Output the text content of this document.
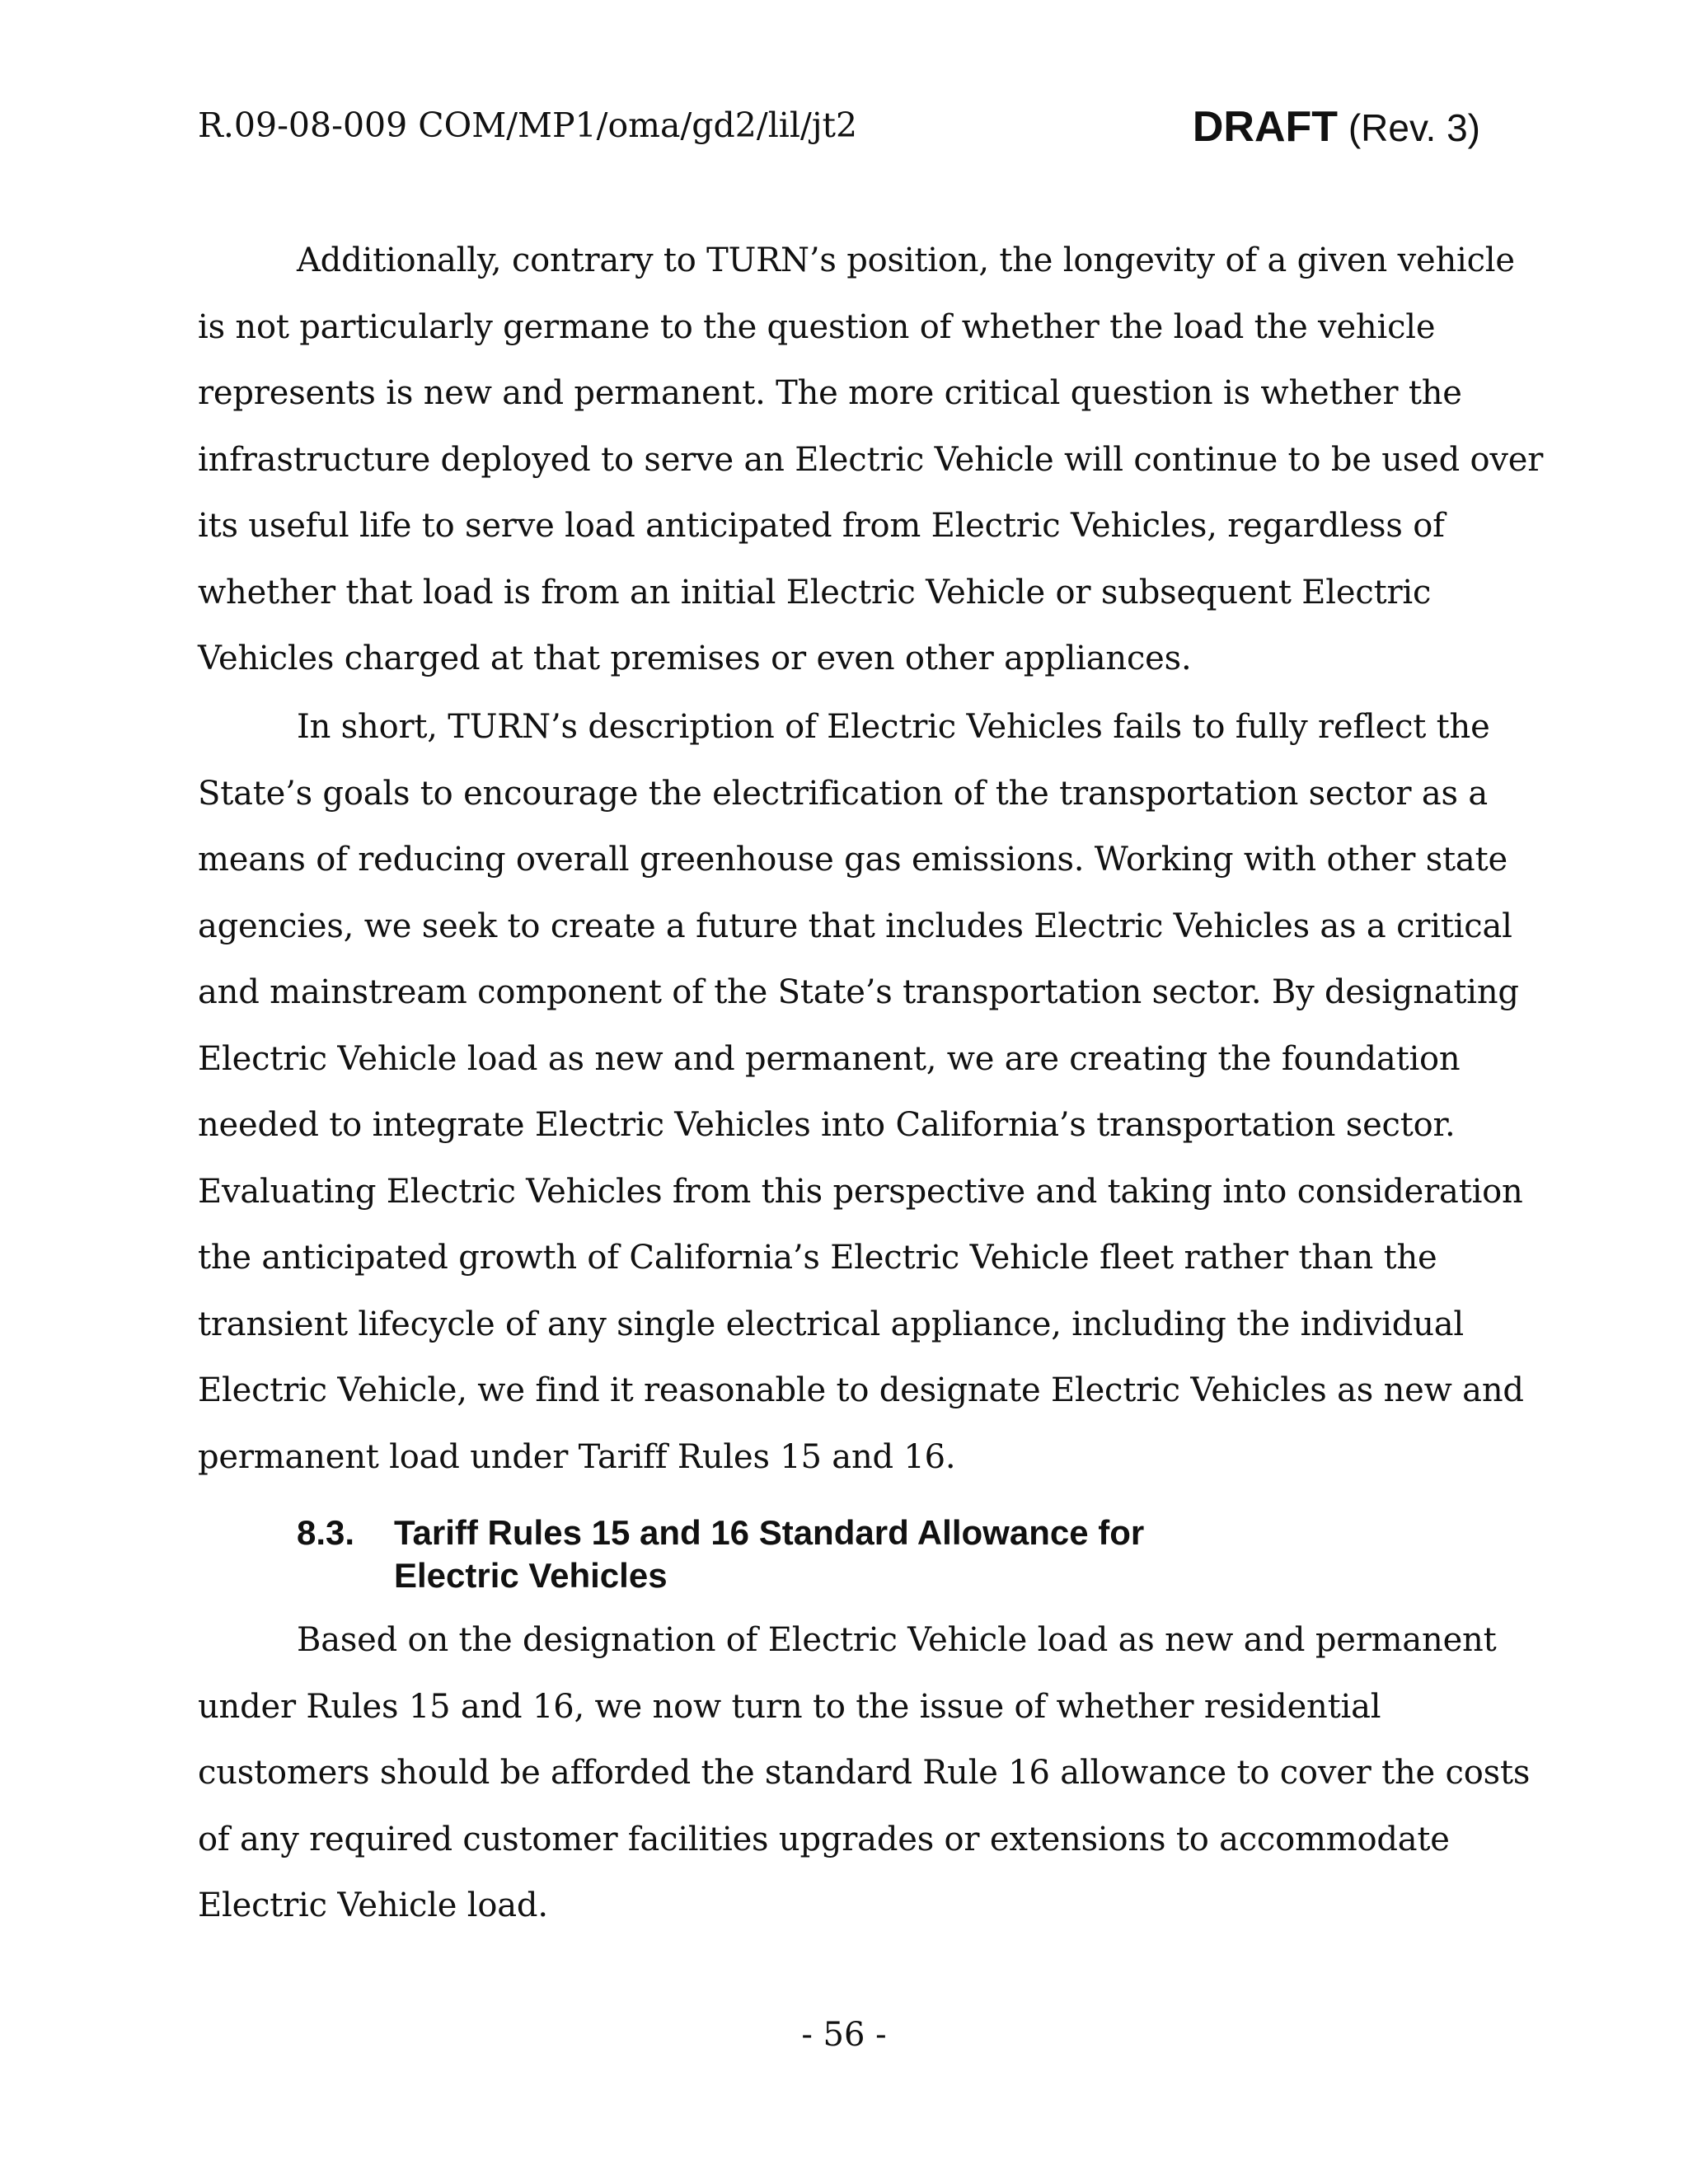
R.09-08-009 COM/MP1/oma/gd2/lil/jt2	DRAFT (Rev. 3)
Additionally, contrary to TURN’s position, the longevity of a given vehicle
is not particularly germane to the question of whether the load the vehicle
represents is new and permanent. The more critical question is whether the
infrastructure deployed to serve an Electric Vehicle will continue to be used over
its useful life to serve load anticipated from Electric Vehicles, regardless of
whether that load is from an initial Electric Vehicle or subsequent Electric
Vehicles charged at that premises or even other appliances.
In short, TURN’s description of Electric Vehicles fails to fully reflect the
State’s goals to encourage the electrification of the transportation sector as a
means of reducing overall greenhouse gas emissions. Working with other state
agencies, we seek to create a future that includes Electric Vehicles as a critical
and mainstream component of the State’s transportation sector. By designating
Electric Vehicle load as new and permanent, we are creating the foundation
needed to integrate Electric Vehicles into California’s transportation sector.
Evaluating Electric Vehicles from this perspective and taking into consideration
the anticipated growth of California’s Electric Vehicle fleet rather than the
transient lifecycle of any single electrical appliance, including the individual
Electric Vehicle, we find it reasonable to designate Electric Vehicles as new and
permanent load under Tariff Rules 15 and 16.
8.3. Tariff Rules 15 and 16 Standard Allowance for
Electric Vehicles
Based on the designation of Electric Vehicle load as new and permanent
under Rules 15 and 16, we now turn to the issue of whether residential
customers should be afforded the standard Rule 16 allowance to cover the costs
of any required customer facilities upgrades or extensions to accommodate
Electric Vehicle load.
- 56 -
